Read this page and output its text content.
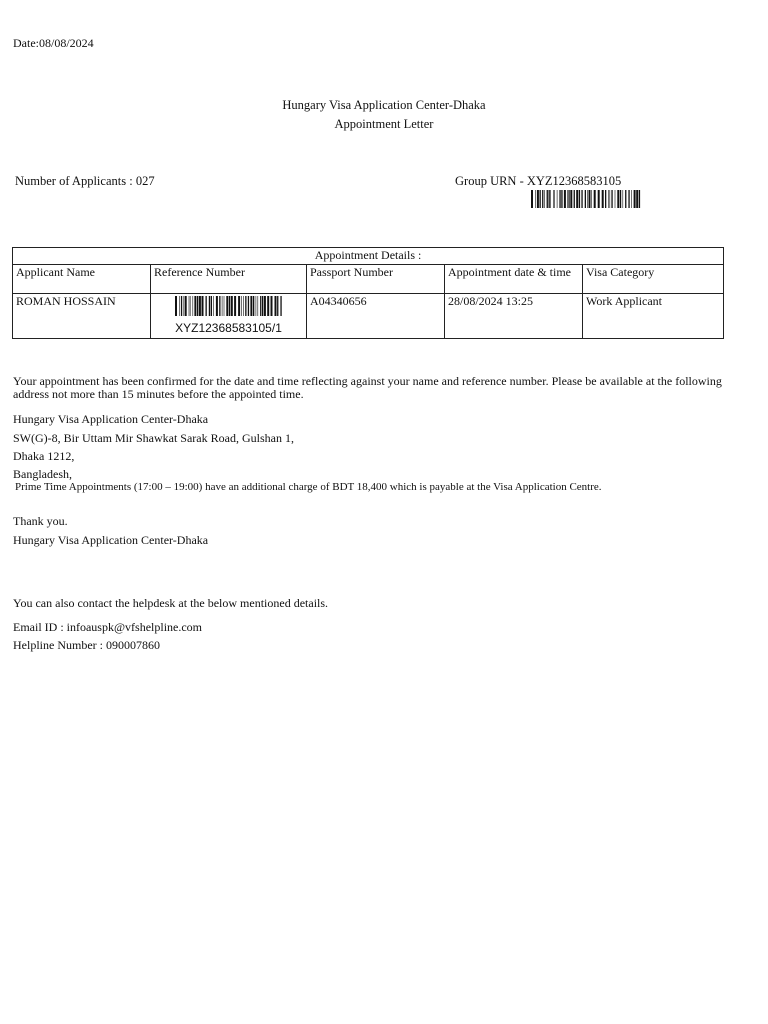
Date:08/08/2024
Hungary Visa Application Center-Dhaka
Appointment Letter
Number of Applicants : 027	Group URN - XYZ12368583105
Appointment Details :				
Applicant Name	Reference Number	Passport Number	Appointment date & time	Visa Category
ROMAN HOSSAIN	XYZ12368583105/1	A04340656	28/08/2024 13:25	Work Applicant
Your appointment has been confirmed for the date and time reflecting against your name and reference number. Please be available at the following address not more than 15 minutes before the appointed time.
Hungary Visa Application Center-Dhaka
SW(G)-8, Bir Uttam Mir Shawkat Sarak Road, Gulshan 1,
Dhaka 1212,
Bangladesh,
Prime Time Appointments (17:00 – 19:00) have an additional charge of BDT 18,400 which is payable at the Visa Application Centre.
Thank you.
Hungary Visa Application Center-Dhaka
You can also contact the helpdesk at the below mentioned details.
Email ID : infoauspk@vfshelpline.com
Helpline Number : 090007860
